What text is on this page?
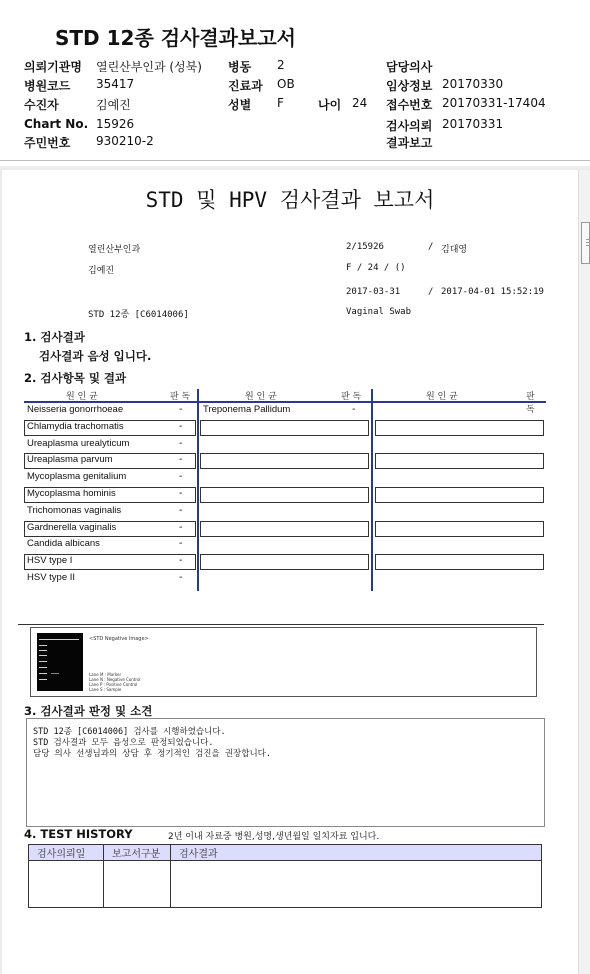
STD 12종 검사결과보고서
의뢰기관명 열린산부인과 (성북) 병동 2	담당의사
병원코드 35417	진료과 OB	임상정보 20170330
수진자	김예진	성별 F	나이 24 접수번호 20170331-17404
Chart No. 15926	검사의뢰 20170331
주민번호 930210-2	결과보고
STD 및 HPV 검사결과 보고서
열린산부인과	2/15926	/ 김대영
김예진	F / 24 / ()
2017-03-31	/ 2017-04-01 15:52:19
STD 12종 [C6014006]	Vaginal Swab
1. 검사결과
검사결과 음성 입니다.
2. 검사항목 및 결과
원 인 균	판 독	원 인 균	판 독	원 인 균	판 독
Neisseria gonorrhoeae	-
Chlamydia trachomatis	-
Ureaplasma urealyticum	-
Ureaplasma parvum	-
Mycoplasma genitalium	-
Mycoplasma hominis	-
Trichomonas vaginalis	-
Gardnerella vaginalis	-
Candida albicans	-
HSV type I	-
HSV type II	-
Treponema Pallidum	-
<STD Negative Image>
Lane M : Marker
Lane N : Negative Control
Lane P : Positive Control
Lane S : Sample
3. 검사결과 판정 및 소견
STD 12종 [C6014006] 검사를 시행하였습니다.
STD 검사결과 모두 음성으로 판정되었습니다.
담당 의사 선생님과의 상담 후 정기적인 검진을 권장합니다.
4. TEST HISTORY	2년 이내 자료중 병원,성명,생년월일 일치자료 입니다.
검사의뢰일	보고서구분	검사결과
